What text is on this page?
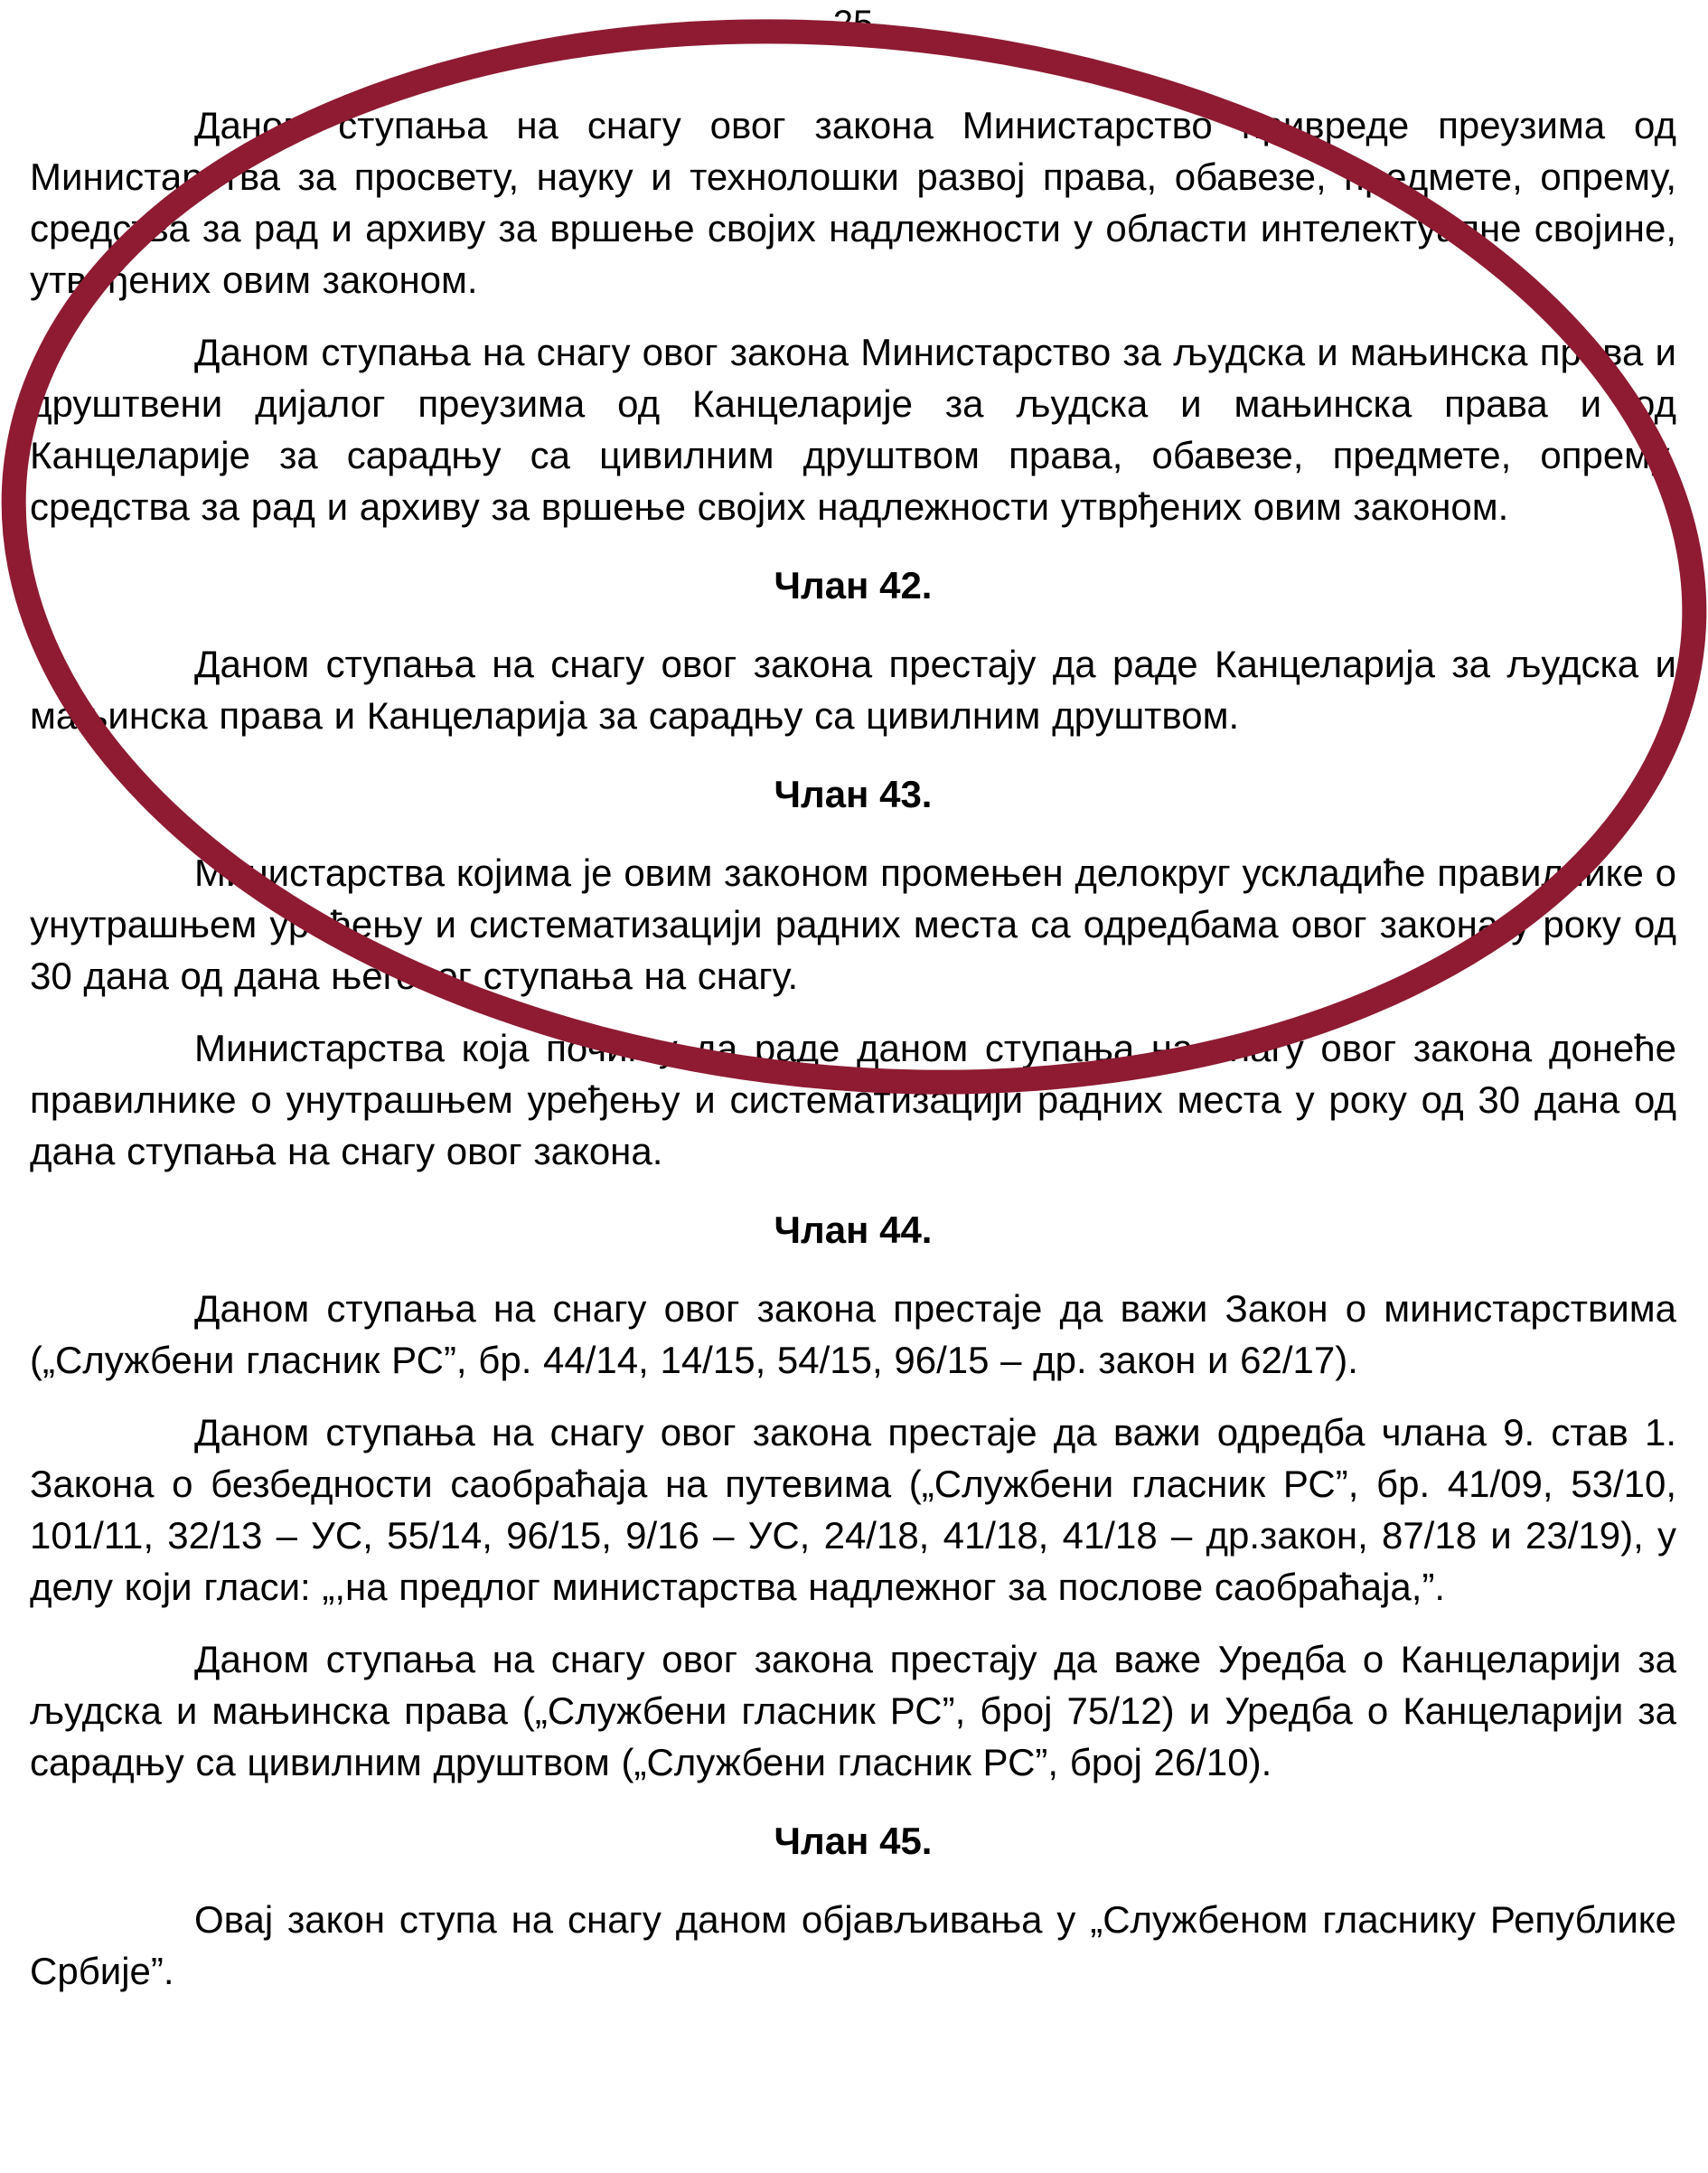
25

Даном ступања на снагу овог закона Министарство привреде преузима од Министарства за просвету, науку и технолошки развој права, обавезе, предмете, опрему, средства за рад и архиву за вршење својих надлежности у области интелектуалне својине, утврђених овим законом.

Даном ступања на снагу овог закона Министарство за људска и мањинска права и друштвени дијалог преузима од Канцеларије за људска и мањинска права и од Канцеларије за сарадњу са цивилним друштвом права, обавезе, предмете, опрему, средства за рад и архиву за вршење својих надлежности утврђених овим законом.

Члан 42.

Даном ступања на снагу овог закона престају да раде Канцеларија за људска и мањинска права и Канцеларија за сарадњу са цивилним друштвом.

Члан 43.

Министарства којима је овим законом промењен делокруг ускладиће правилнике о унутрашњем уређењу и систематизацији радних места са одредбама овог закона у року од 30 дана од дана његовог ступања на снагу.

Министарства која почињу да раде даном ступања на снагу овог закона донеће правилнике о унутрашњем уређењу и систематизацији радних места у року од 30 дана од дана ступања на снагу овог закона.

Члан 44.

Даном ступања на снагу овог закона престаје да важи Закон о министарствима („Службени гласник РС”, бр. 44/14, 14/15, 54/15, 96/15 – др. закон и 62/17).

Даном ступања на снагу овог закона престаје да важи одредба члана 9. став 1. Закона о безбедности саобраћаја на путевима („Службени гласник РС”, бр. 41/09, 53/10, 101/11, 32/13 – УС, 55/14, 96/15, 9/16 – УС, 24/18, 41/18, 41/18 – др.закон, 87/18 и 23/19), у делу који гласи: „,на предлог министарства надлежног за послове саобраћаја,”.

Даном ступања на снагу овог закона престају да важе Уредба о Канцеларији за људска и мањинска права („Службени гласник РС”, број 75/12) и Уредба о Канцеларији за сарадњу са цивилним друштвом („Службени гласник РС”, број 26/10).

Члан 45.

Овај закон ступа на снагу даном објављивања у „Службеном гласнику Републике Србије”.
